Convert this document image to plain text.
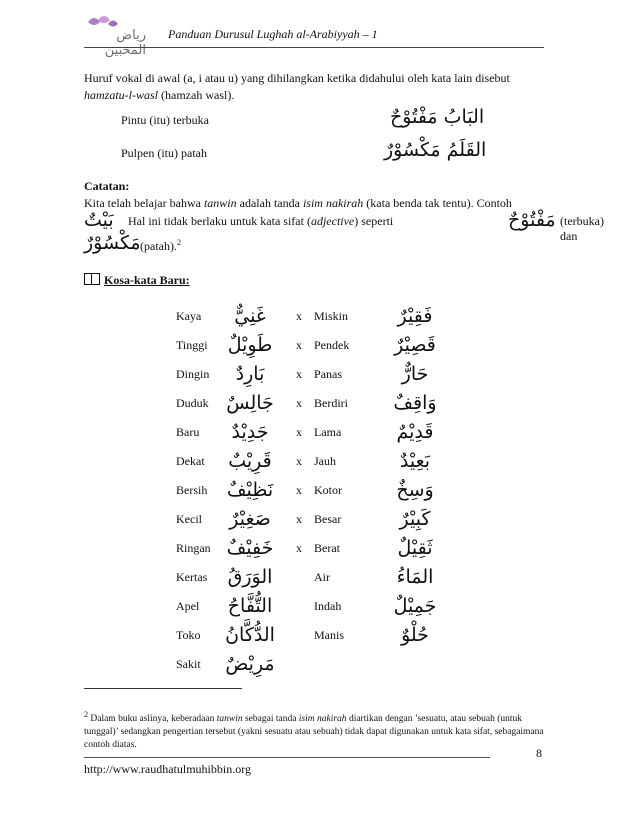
رياض المحبين
Panduan Durusul Lughah al-Arabiyyah – 1
Huruf vokal di awal (a, i atau u) yang dihilangkan ketika didahului oleh kata lain disebut
hamzatu-l-wasl (hamzah wasl).
Pintu (itu) terbuka	البَابُ مَفْتُوْحٌ
Pulpen (itu) patah	القَلَمُ مَكْسُوْرٌ
Catatan:
Kita telah belajar bahwa tanwin adalah tanda isim nakirah (kata benda tak tentu). Contoh
بَيْتٌ Hal ini tidak berlaku untuk kata sifat (adjective) seperti	مَفْتُوْحٌ (terbuka) dan
مَكْسُوْرٌ (patah).$^2$
Kosa-kata Baru:
Kaya	غَنِيٌّ	x Miskin	فَقِيْرٌ
Tinggi	طَوِيْلٌ	x Pendek	قَصِيْرٌ
Dingin	بَارِدٌ	x Panas	حَارٌّ
Duduk جَالِسٌ	x Berdiri	وَاقِفٌ
Baru	جَدِيْدٌ	x Lama	قَدِيْمٌ
Dekat	قَرِيْبٌ	x Jauh	بَعِيْدٌ
Bersih	نَظِيْفٌ	x Kotor	وَسِخٌ
Kecil	صَغِيْرٌ	x Besar	كَبِيْرٌ
Ringan خَفِيْفٌ	x Berat	ثَقِيْلٌ
Kertas	الوَرَقُ	Air	المَاءُ
Apel	التُّفَّاحُ	Indah	جَمِيْلٌ
Toko الدُّكَّانُ	Manis	حُلْوٌ
Sakit مَرِيْضٌ
$^2$ Dalam buku aslinya, keberadaan tanwin sebagai tanda isim nakirah diartikan dengan ’sesuatu, atau sebuah (untuk tunggal)’ sedangkan pengertian tersebut (yakni sesuatu atau sebuah) tidak dapat digunakan untuk kata sifat, sebagaimana contoh diatas.
8
http://www.raudhatulmuhibbin.org
